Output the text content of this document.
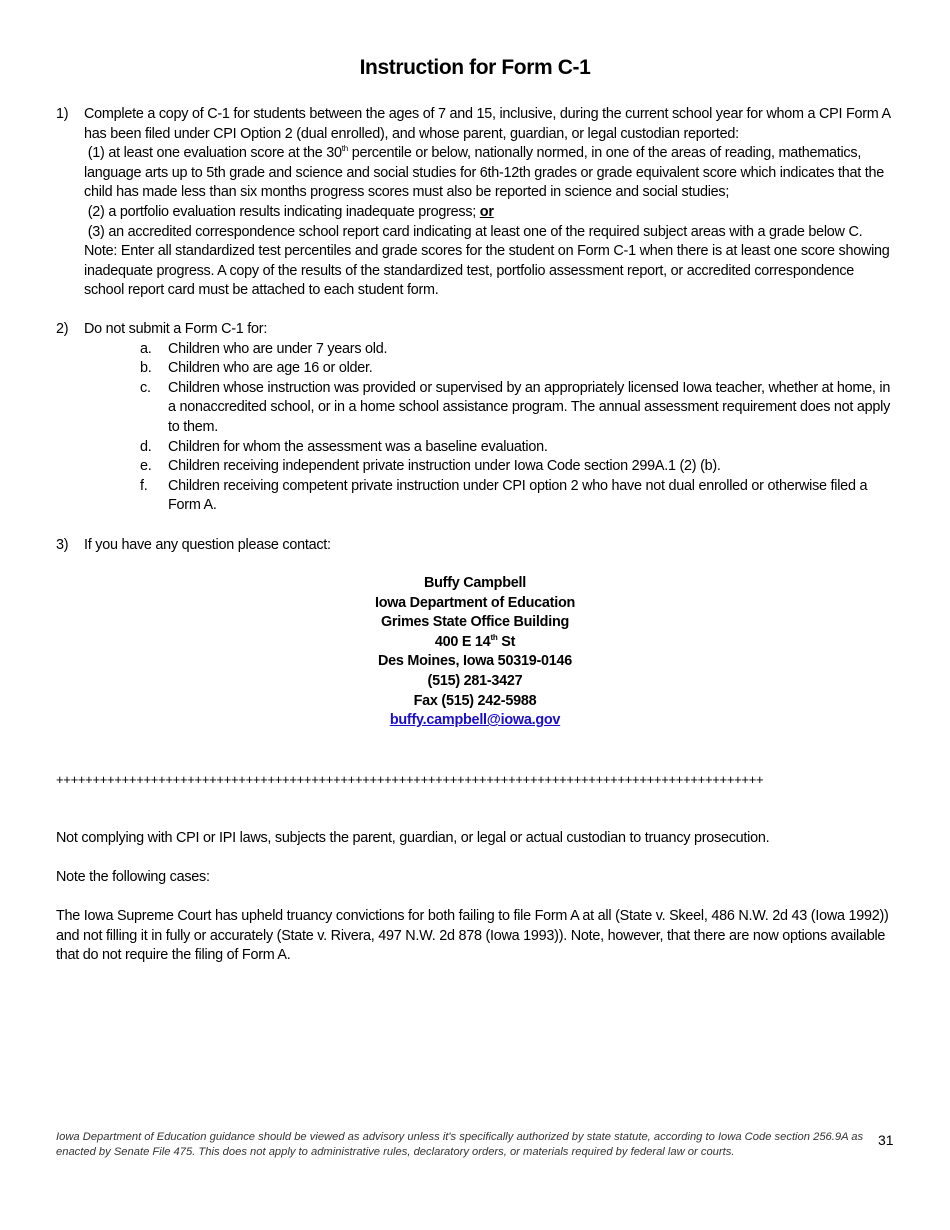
Instruction for Form C-1
1) Complete a copy of C-1 for students between the ages of 7 and 15, inclusive, during the current school year for whom a CPI Form A has been filed under CPI Option 2 (dual enrolled), and whose parent, guardian, or legal custodian reported:
(1) at least one evaluation score at the 30th percentile or below, nationally normed, in one of the areas of reading, mathematics, language arts up to 5th grade and science and social studies for 6th-12th grades or grade equivalent score which indicates that the child has made less than six months progress scores must also be reported in science and social studies;
(2) a portfolio evaluation results indicating inadequate progress; or
(3) an accredited correspondence school report card indicating at least one of the required subject areas with a grade below C.
Note: Enter all standardized test percentiles and grade scores for the student on Form C-1 when there is at least one score showing inadequate progress. A copy of the results of the standardized test, portfolio assessment report, or accredited correspondence school report card must be attached to each student form.
2) Do not submit a Form C-1 for:
a. Children who are under 7 years old.
b. Children who are age 16 or older.
c. Children whose instruction was provided or supervised by an appropriately licensed Iowa teacher, whether at home, in a nonaccredited school, or in a home school assistance program. The annual assessment requirement does not apply to them.
d. Children for whom the assessment was a baseline evaluation.
e. Children receiving independent private instruction under Iowa Code section 299A.1 (2) (b).
f. Children receiving competent private instruction under CPI option 2 who have not dual enrolled or otherwise filed a Form A.
3) If you have any question please contact:
Buffy Campbell
Iowa Department of Education
Grimes State Office Building
400 E 14th St
Des Moines, Iowa 50319-0146
(515) 281-3427
Fax (515) 242-5988
buffy.campbell@iowa.gov
+++++++++++++++++++++++++++++++++++++++++++++++++++++++++++++++++++++++++++++++++++++++++++++++++
Not complying with CPI or IPI laws, subjects the parent, guardian, or legal or actual custodian to truancy prosecution.
Note the following cases:
The Iowa Supreme Court has upheld truancy convictions for both failing to file Form A at all (State v. Skeel, 486 N.W. 2d 43 (Iowa 1992)) and not filling it in fully or accurately (State v. Rivera, 497 N.W. 2d 878 (Iowa 1993)). Note, however, that there are now options available that do not require the filing of Form A.
Iowa Department of Education guidance should be viewed as advisory unless it's specifically authorized by state statute, according to Iowa Code section 256.9A as enacted by Senate File 475. This does not apply to administrative rules, declaratory orders, or materials required by federal law or courts.
31
